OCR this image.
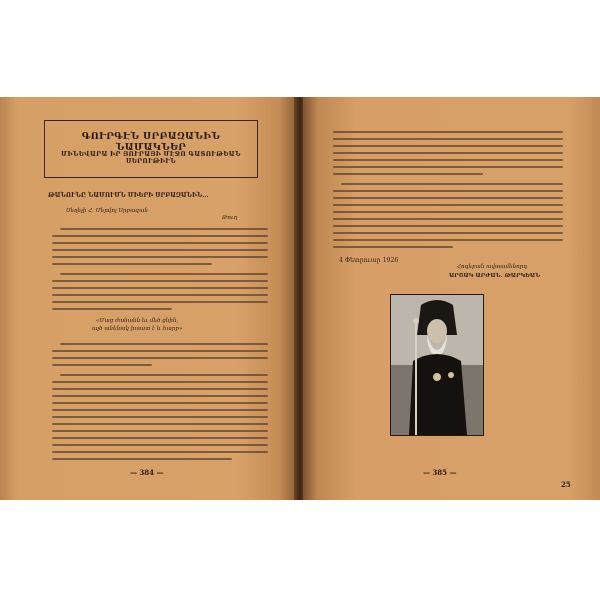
ԳՈՒՐԳԷՆ ՍՐԲԱԶԱՆԻՆ ՆԱՄԱԿՆԵՐ
ՄԻՆԵՎԱՐԱ ԻՐ ՅՈՒՐԱՅԻ ՄԷՋՈ ԳԱՏՈՒԹԵԱՆ ՍԵՐՈՒԹԻՒՆ
ԹԱՆՈՒՆԸ ՆԱՄՈՒՄՆ ՄԻԵՐԻ ՍՐԲԱԶԱՆԻՆ...
Սեղելի Հ. Մերվոլ Սրբազան
Թուղ
«Մաց ժանանն եւ մեծ ցնին,
ալծ անենակ խաստ է և հարբ»
— 384 —
4 Փետրուար 1926
Հոգեբան ավտամենորդ
ԱՐՇԱԿ ԱՐԺԱՆ. ԹԱՐԿԵԱՆ
— 385 —
25
